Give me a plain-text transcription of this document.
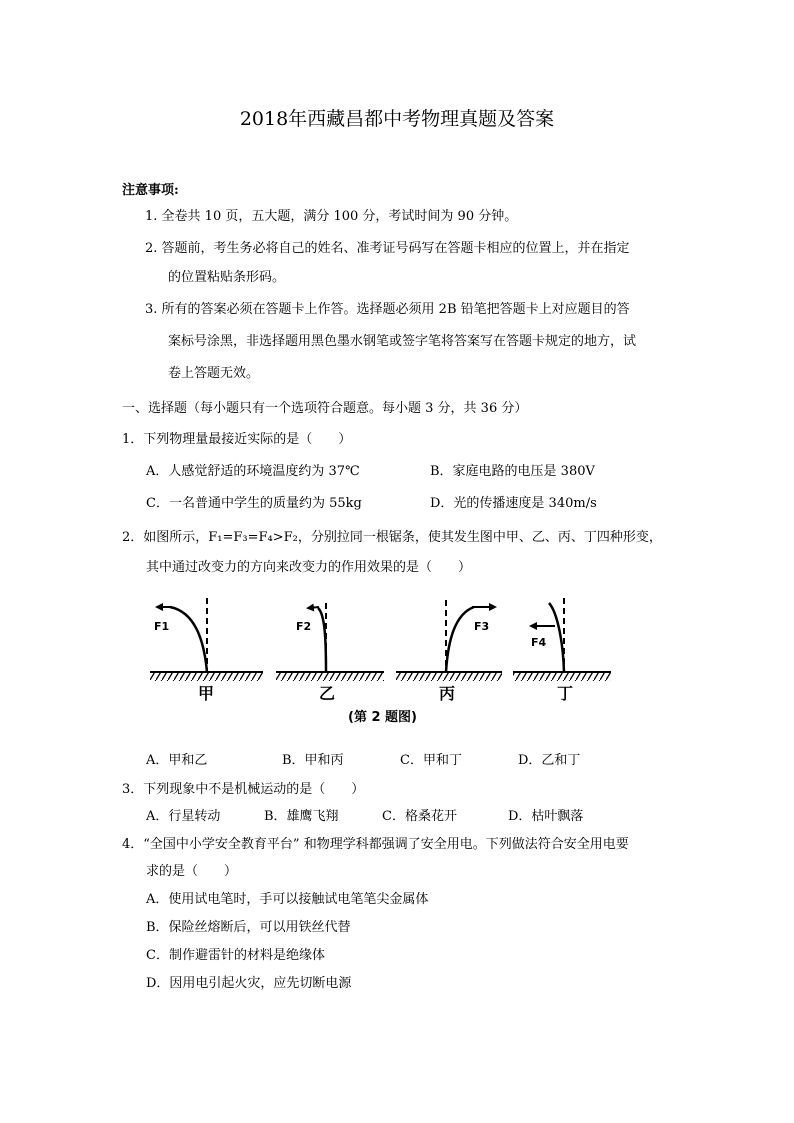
2018年西藏昌都中考物理真题及答案
注意事项:
1. 全卷共 10 页，五大题，满分 100 分，考试时间为 90 分钟。
2. 答题前，考生务必将自己的姓名、准考证号码写在答题卡相应的位置上，并在指定
的位置粘贴条形码。
3. 所有的答案必须在答题卡上作答。选择题必须用 2B 铅笔把答题卡上对应题目的答
案标号涂黑，非选择题用黑色墨水钢笔或签字笔将答案写在答题卡规定的地方，试
卷上答题无效。
一、选择题（每小题只有一个选项符合题意。每小题 3 分，共 36 分）
1．下列物理量最接近实际的是（　　）
A．人感觉舒适的环境温度约为 37℃	B．家庭电路的电压是 380V
C．一名普通中学生的质量约为 55kg	D．光的传播速度是 340m/s
2．如图所示，F₁=F₃=F₄>F₂，分别拉同一根锯条，使其发生图中甲、乙、丙、丁四种形变，
其中通过改变力的方向来改变力的作用效果的是（　　）
F1	F2	F3
F4
甲	乙	丙	丁
(第 2 题图)
A．甲和乙	B．甲和丙	C．甲和丁	D．乙和丁
3．下列现象中不是机械运动的是（　　）
A．行星转动	B．雄鹰飞翔	C．格桑花开	D．枯叶飘落
4．“全国中小学安全教育平台” 和物理学科都强调了安全用电。下列做法符合安全用电要
求的是（　　）
A．使用试电笔时，手可以接触试电笔笔尖金属体
B．保险丝熔断后，可以用铁丝代替
C．制作避雷针的材料是绝缘体
D．因用电引起火灾，应先切断电源
